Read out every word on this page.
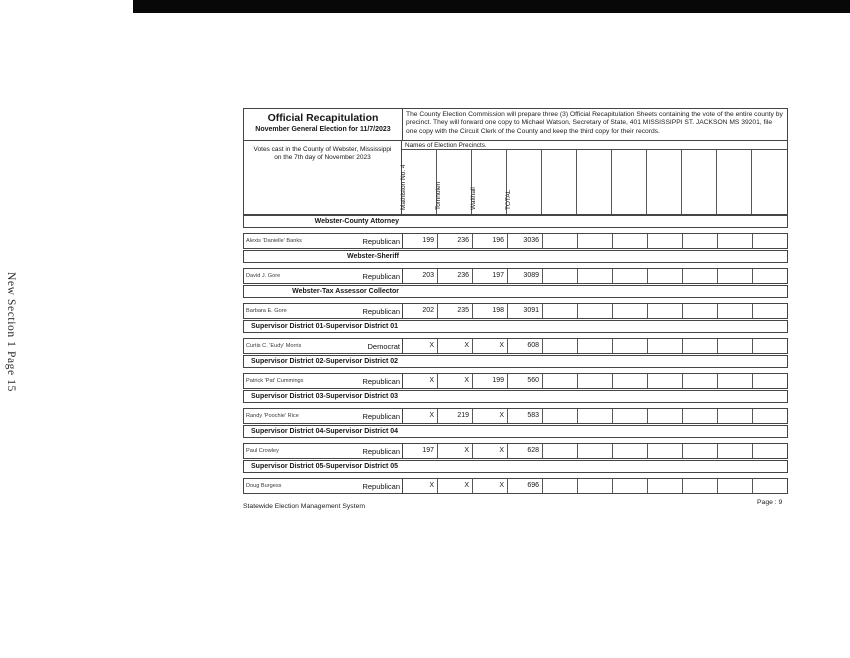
New Section 1 Page 15
Official Recapitulation
November General Election for 11/7/2023
The County Election Commission will prepare three (3) Official Recapitulation Sheets containing the vote of the entire county by precinct. They will forward one copy to Michael Watson, Secretary of State, 401 MISSISSIPPI ST. JACKSON MS 39201, file one copy with the Circuit Clerk of the County and keep the third copy for their records.
Votes cast in the County of Webster, Mississippi
on the 7th day of November 2023
Names of Election Precincts.
Mathiston No. 4	Tomnolen	Walthall	TOTAL
Webster-County Attorney
Alexis 'Danielle' Banks	Republican	199	236	196	3036
Webster-Sheriff
David J. Gore	Republican	203	236	197	3089
Webster-Tax Assessor Collector
Barbara E. Gore	Republican	202	235	198	3091
Supervisor District 01-Supervisor District 01
Curtis C. 'Eudy' Morris	Democrat	X	X	X	608
Supervisor District 02-Supervisor District 02
Patrick 'Pat' Cummings	Republican	X	X	199	560
Supervisor District 03-Supervisor District 03
Randy 'Poochie' Rice	Republican	X	219	X	583
Supervisor District 04-Supervisor District 04
Paul Crowley	Republican	197	X	X	628
Supervisor District 05-Supervisor District 05
Doug Burgess	Republican	X	X	X	696
Statewide Election Management System
Page : 9
